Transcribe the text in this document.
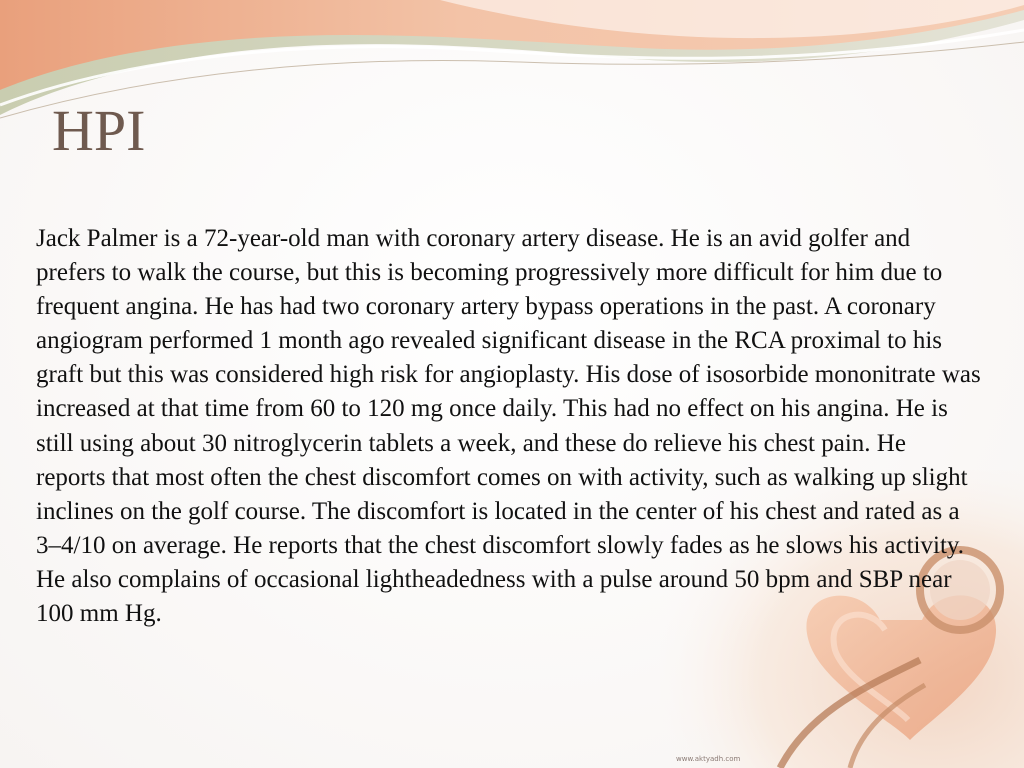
HPI

Jack Palmer is a 72-year-old man with coronary artery disease. He is an avid golfer and prefers to walk the course, but this is becoming progressively more difficult for him due to frequent angina. He has had two coronary artery bypass operations in the past. A coronary angiogram performed 1 month ago revealed significant disease in the RCA proximal to his graft but this was considered high risk for angioplasty. His dose of isosorbide mononitrate was increased at that time from 60 to 120 mg once daily. This had no effect on his angina. He is still using about 30 nitroglycerin tablets a week, and these do relieve his chest pain. He reports that most often the chest discomfort comes on with activity, such as walking up slight inclines on the golf course. The discomfort is located in the center of his chest and rated as a 3–4/10 on average. He reports that the chest discomfort slowly fades as he slows his activity. He also complains of occasional lightheadedness with a pulse around 50 bpm and SBP near 100 mm Hg.

www.aktyadh.com
